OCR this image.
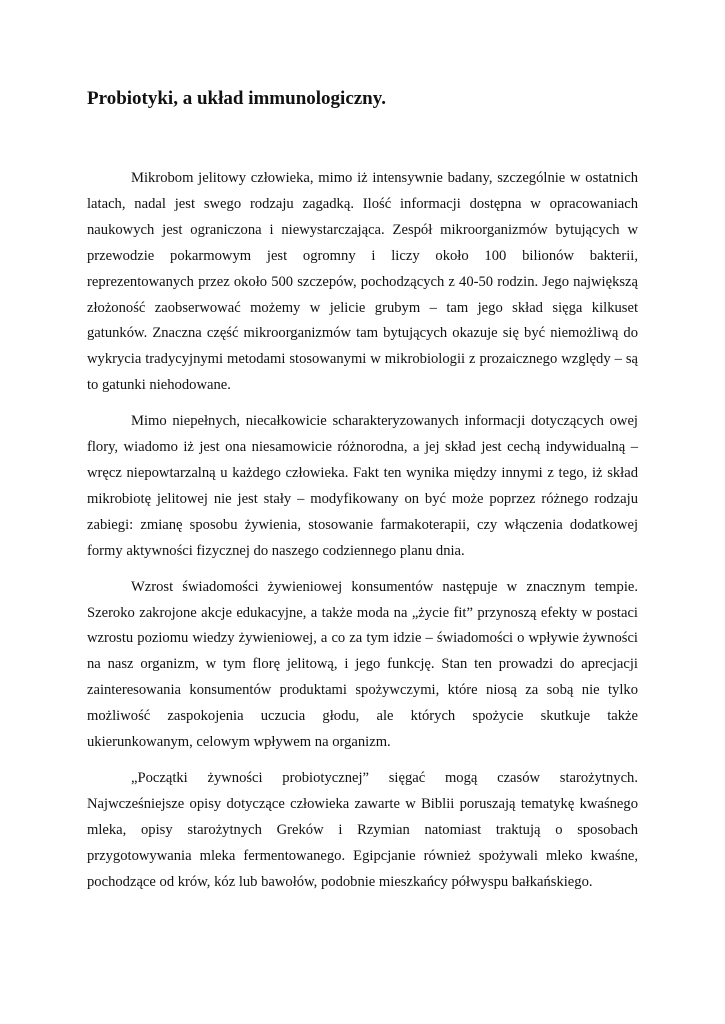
Probiotyki, a układ immunologiczny.

Mikrobom jelitowy człowieka, mimo iż intensywnie badany, szczególnie w ostatnich latach, nadal jest swego rodzaju zagadką. Ilość informacji dostępna w opracowaniach naukowych jest ograniczona i niewystarczająca. Zespół mikroorganizmów bytujących w przewodzie pokarmowym jest ogromny i liczy około 100 bilionów bakterii, reprezentowanych przez około 500 szczepów, pochodzących z 40-50 rodzin. Jego największą złożoność zaobserwować możemy w jelicie grubym – tam jego skład sięga kilkuset gatunków. Znaczna część mikroorganizmów tam bytujących okazuje się być niemożliwą do wykrycia tradycyjnymi metodami stosowanymi w mikrobiologii z prozaicznego względy – są to gatunki niehodowane.

Mimo niepełnych, niecałkowicie scharakteryzowanych informacji dotyczących owej flory, wiadomo iż jest ona niesamowicie różnorodna, a jej skład jest cechą indywidualną – wręcz niepowtarzalną u każdego człowieka. Fakt ten wynika między innymi z tego, iż skład mikrobiotę jelitowej nie jest stały – modyfikowany on być może poprzez różnego rodzaju zabiegi: zmianę sposobu żywienia, stosowanie farmakoterapii, czy włączenia dodatkowej formy aktywności fizycznej do naszego codziennego planu dnia.

Wzrost świadomości żywieniowej konsumentów następuje w znacznym tempie. Szeroko zakrojone akcje edukacyjne, a także moda na „życie fit” przynoszą efekty w postaci wzrostu poziomu wiedzy żywieniowej, a co za tym idzie – świadomości o wpływie żywności na nasz organizm, w tym florę jelitową, i jego funkcję. Stan ten prowadzi do aprecjacji zainteresowania konsumentów produktami spożywczymi, które niosą za sobą nie tylko możliwość zaspokojenia uczucia głodu, ale których spożycie skutkuje także ukierunkowanym, celowym wpływem na organizm.

„Początki żywności probiotycznej” sięgać mogą czasów starożytnych. Najwcześniejsze opisy dotyczące człowieka zawarte w Biblii poruszają tematykę kwaśnego mleka, opisy starożytnych Greków i Rzymian natomiast traktują o sposobach przygotowywania mleka fermentowanego. Egipcjanie również spożywali mleko kwaśne, pochodzące od krów, kóz lub bawołów, podobnie mieszkańcy półwyspu bałkańskiego.
